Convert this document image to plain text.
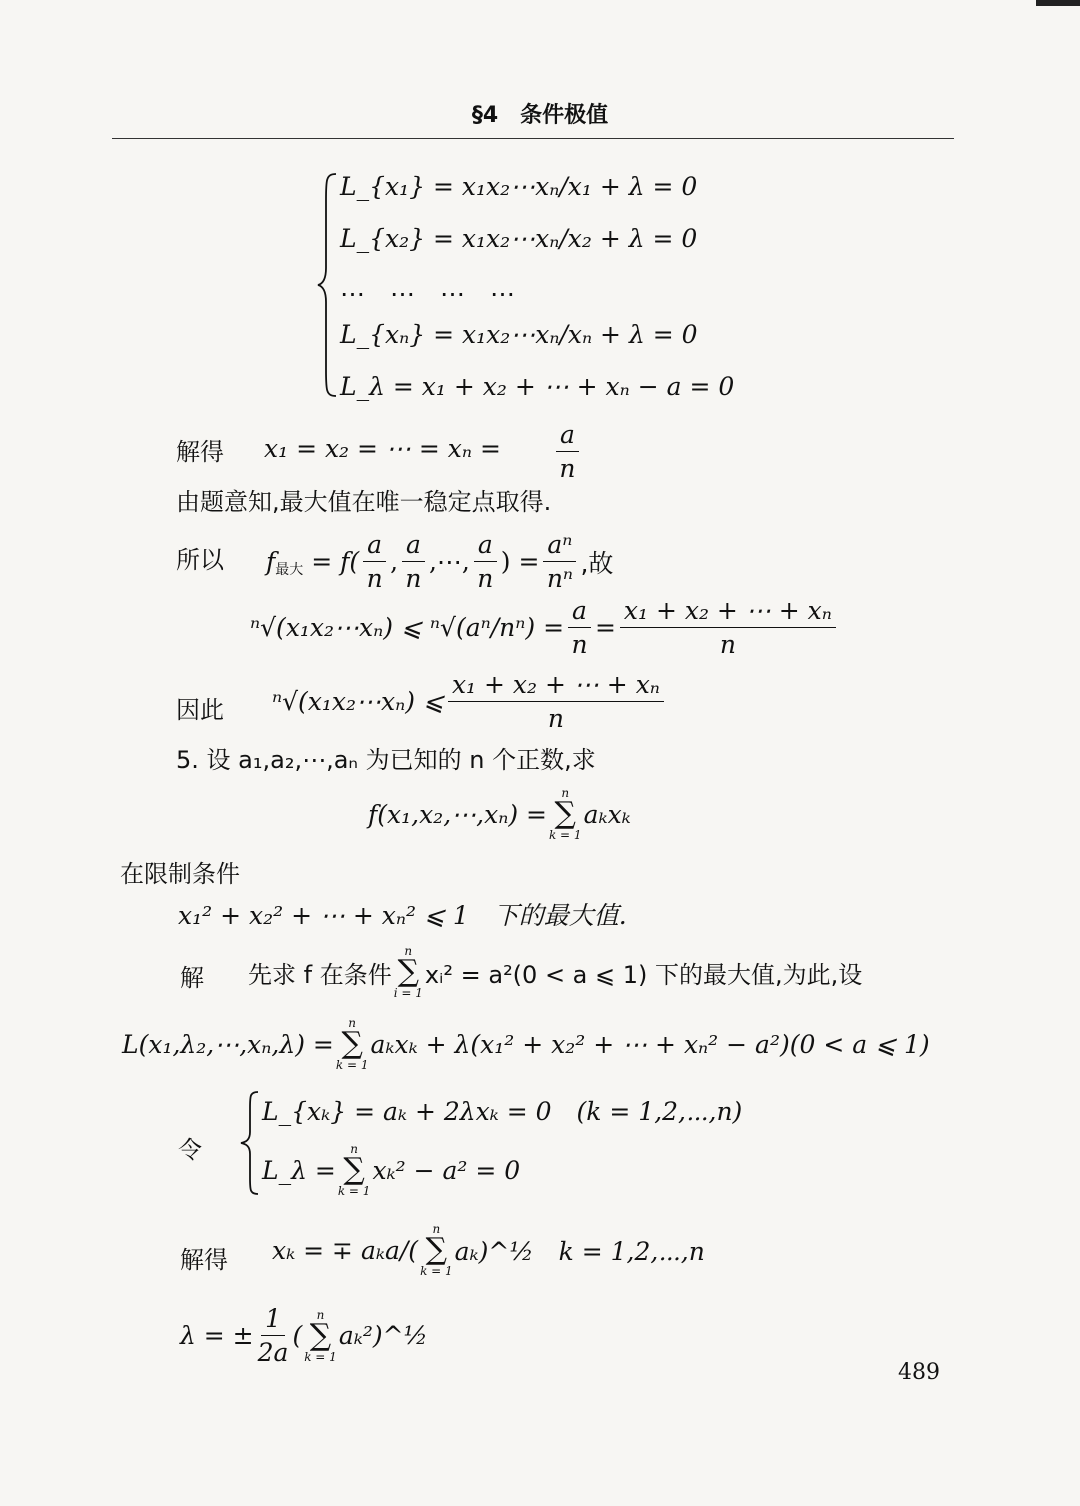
§4　条件极值
L_{x₁} = x₁x₂⋯xₙ/x₁ + λ = 0
L_{x₂} = x₁x₂⋯xₙ/x₂ + λ = 0
⋯　⋯　⋯　⋯
L_{xₙ} = x₁x₂⋯xₙ/xₙ + λ = 0
L_λ = x₁ + x₂ + ⋯ + xₙ − a = 0
解得 x₁ = x₂ = ⋯ = $x_n = \frac{a}{n}$
由题意知,最大值在唯一稳定点取得.
所以 f 最大 = $f( \frac{a}{n}$ , $\frac{a}{n}$ ,⋯, $\frac{a}{n}$ ) = $\frac{\text{aⁿ}}{\text{nⁿ}}$ ,故
ⁿ√(x₁x₂⋯xₙ) ⩽ $^n√(a^n/n^n) = \frac{a}{n} = \frac{\text{x₁ + x₂ + ⋯ + xₙ}}{n}$
因此 ⁿ√(x₁x₂⋯xₙ) ⩽ $\frac{\text{x₁ + x₂ + ⋯ + xₙ}}{n}$
5. 设 a₁,a₂,⋯,aₙ 为已知的 n 个正数,求
f(x₁,x₂,⋯,xₙ) =
n
∑
k = 1
aₖxₖ
在限制条件
x₁² + x₂² + ⋯ + xₙ² ⩽ 1　下的最大值.
解 先求 f 在条件
n
∑
i = 1
xᵢ² = a²(0 < a ⩽ 1) 下的最大值,为此,设
L(x₁,λ₂,⋯,xₙ,λ) =
n
∑
k = 1
aₖxₖ + λ(x₁² + x₂² + ⋯ + xₙ² − a²)(0 < a ⩽ 1)
令
L_{xₖ} = aₖ + 2λxₖ = 0　(k = 1,2,⋯,n)
L_λ =
n
∑
k = 1
xₖ² − a² = 0
解得 xₖ = ∓ aₖa/(
n
∑
k = 1
aₖ)^½　k = 1,2,⋯,n
λ = ± $\frac{1}{2a}$ (
n
∑
k = 1
aₖ²)^½
489
